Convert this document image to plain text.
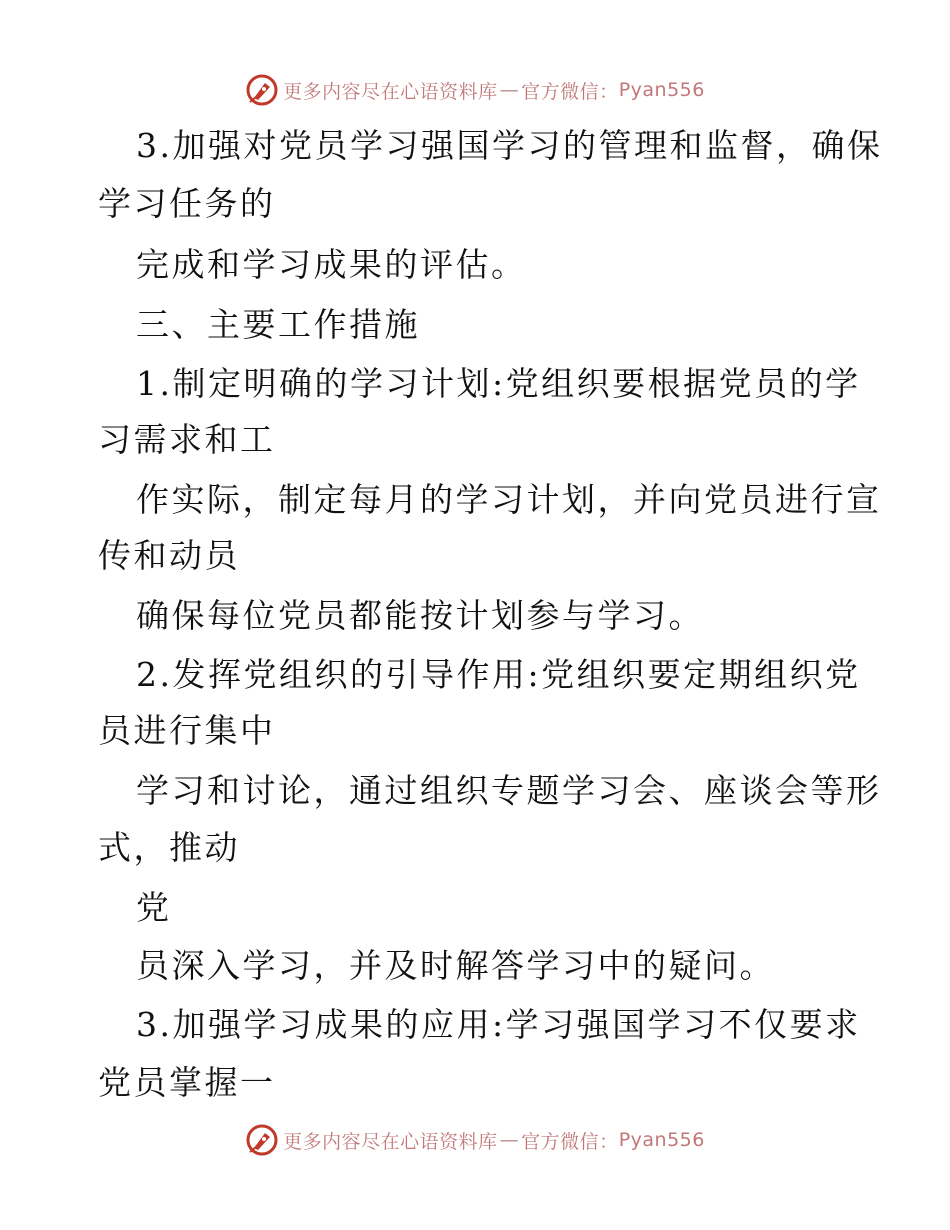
更多内容尽在心语资料库 — 官方微信： Pyan556
3.加强对党员学习强国学习的管理和监督，确保
学习任务的
完成和学习成果的评估。
三、主要工作措施
1.制定明确的学习计划:党组织要根据党员的学
习需求和工
作实际，制定每月的学习计划，并向党员进行宣
传和动员
确保每位党员都能按计划参与学习。
2.发挥党组织的引导作用:党组织要定期组织党
员进行集中
学习和讨论，通过组织专题学习会、座谈会等形
式，推动
党
员深入学习，并及时解答学习中的疑问。
3.加强学习成果的应用:学习强国学习不仅要求
党员掌握一
更多内容尽在心语资料库 — 官方微信： Pyan556
